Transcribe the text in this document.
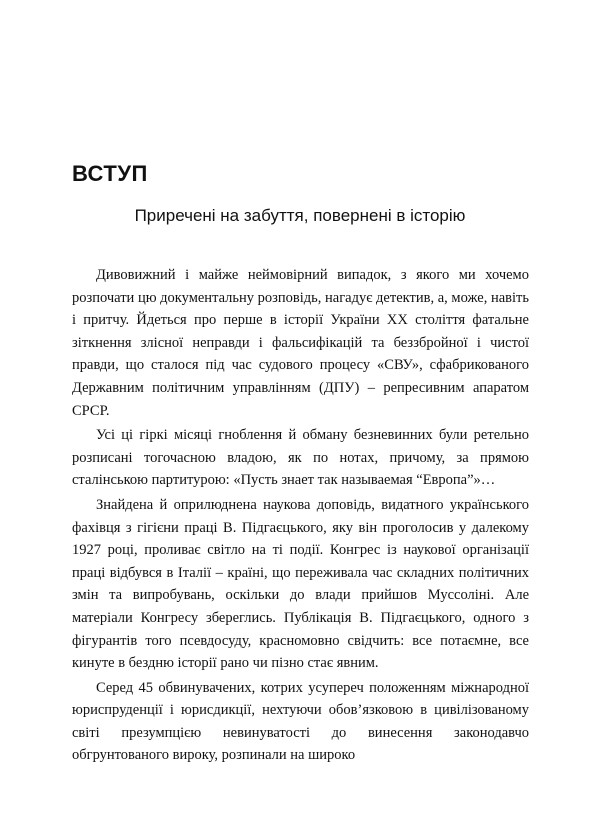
ВСТУП
Приречені на забуття, повернені в історію

Дивовижний і майже неймовірний випадок, з якого ми хочемо розпочати цю документальну розповідь, нагадує детектив, а, може, навіть і притчу. Йдеться про перше в історії України ХХ століття фатальне зіткнення злісної неправди і фальсифікацій та беззбройної і чистої правди, що сталося під час судового процесу «СВУ», сфабрикованого Державним політичним управлінням (ДПУ) – репресивним апаратом СРСР.

Усі ці гіркі місяці гноблення й обману безневинних були ретельно розписані тогочасною владою, як по нотах, причому, за прямою сталінською партитурою: «Пусть знает так называемая “Европа”»…

Знайдена й оприлюднена наукова доповідь, видатного українського фахівця з гігієни праці В. Підгаєцького, яку він проголосив у далекому 1927 році, проливає світло на ті події. Конгрес із наукової організації праці відбувся в Італії – країні, що переживала час складних політичних змін та випробувань, оскільки до влади прийшов Муссоліні. Але матеріали Конгресу збереглись. Публікація В. Підгаєцького, одного з фігурантів того псевдосуду, красномовно свідчить: все потаємне, все кинуте в бездню історії рано чи пізно стає явним.

Серед 45 обвинувачених, котрих усупереч положенням міжнародної юриспруденції і юрисдикції, нехтуючи обов’язковою в цивілізованому світі презумпцією невинуватості до винесення законодавчо обгрунтованого вироку, розпинали на широко
